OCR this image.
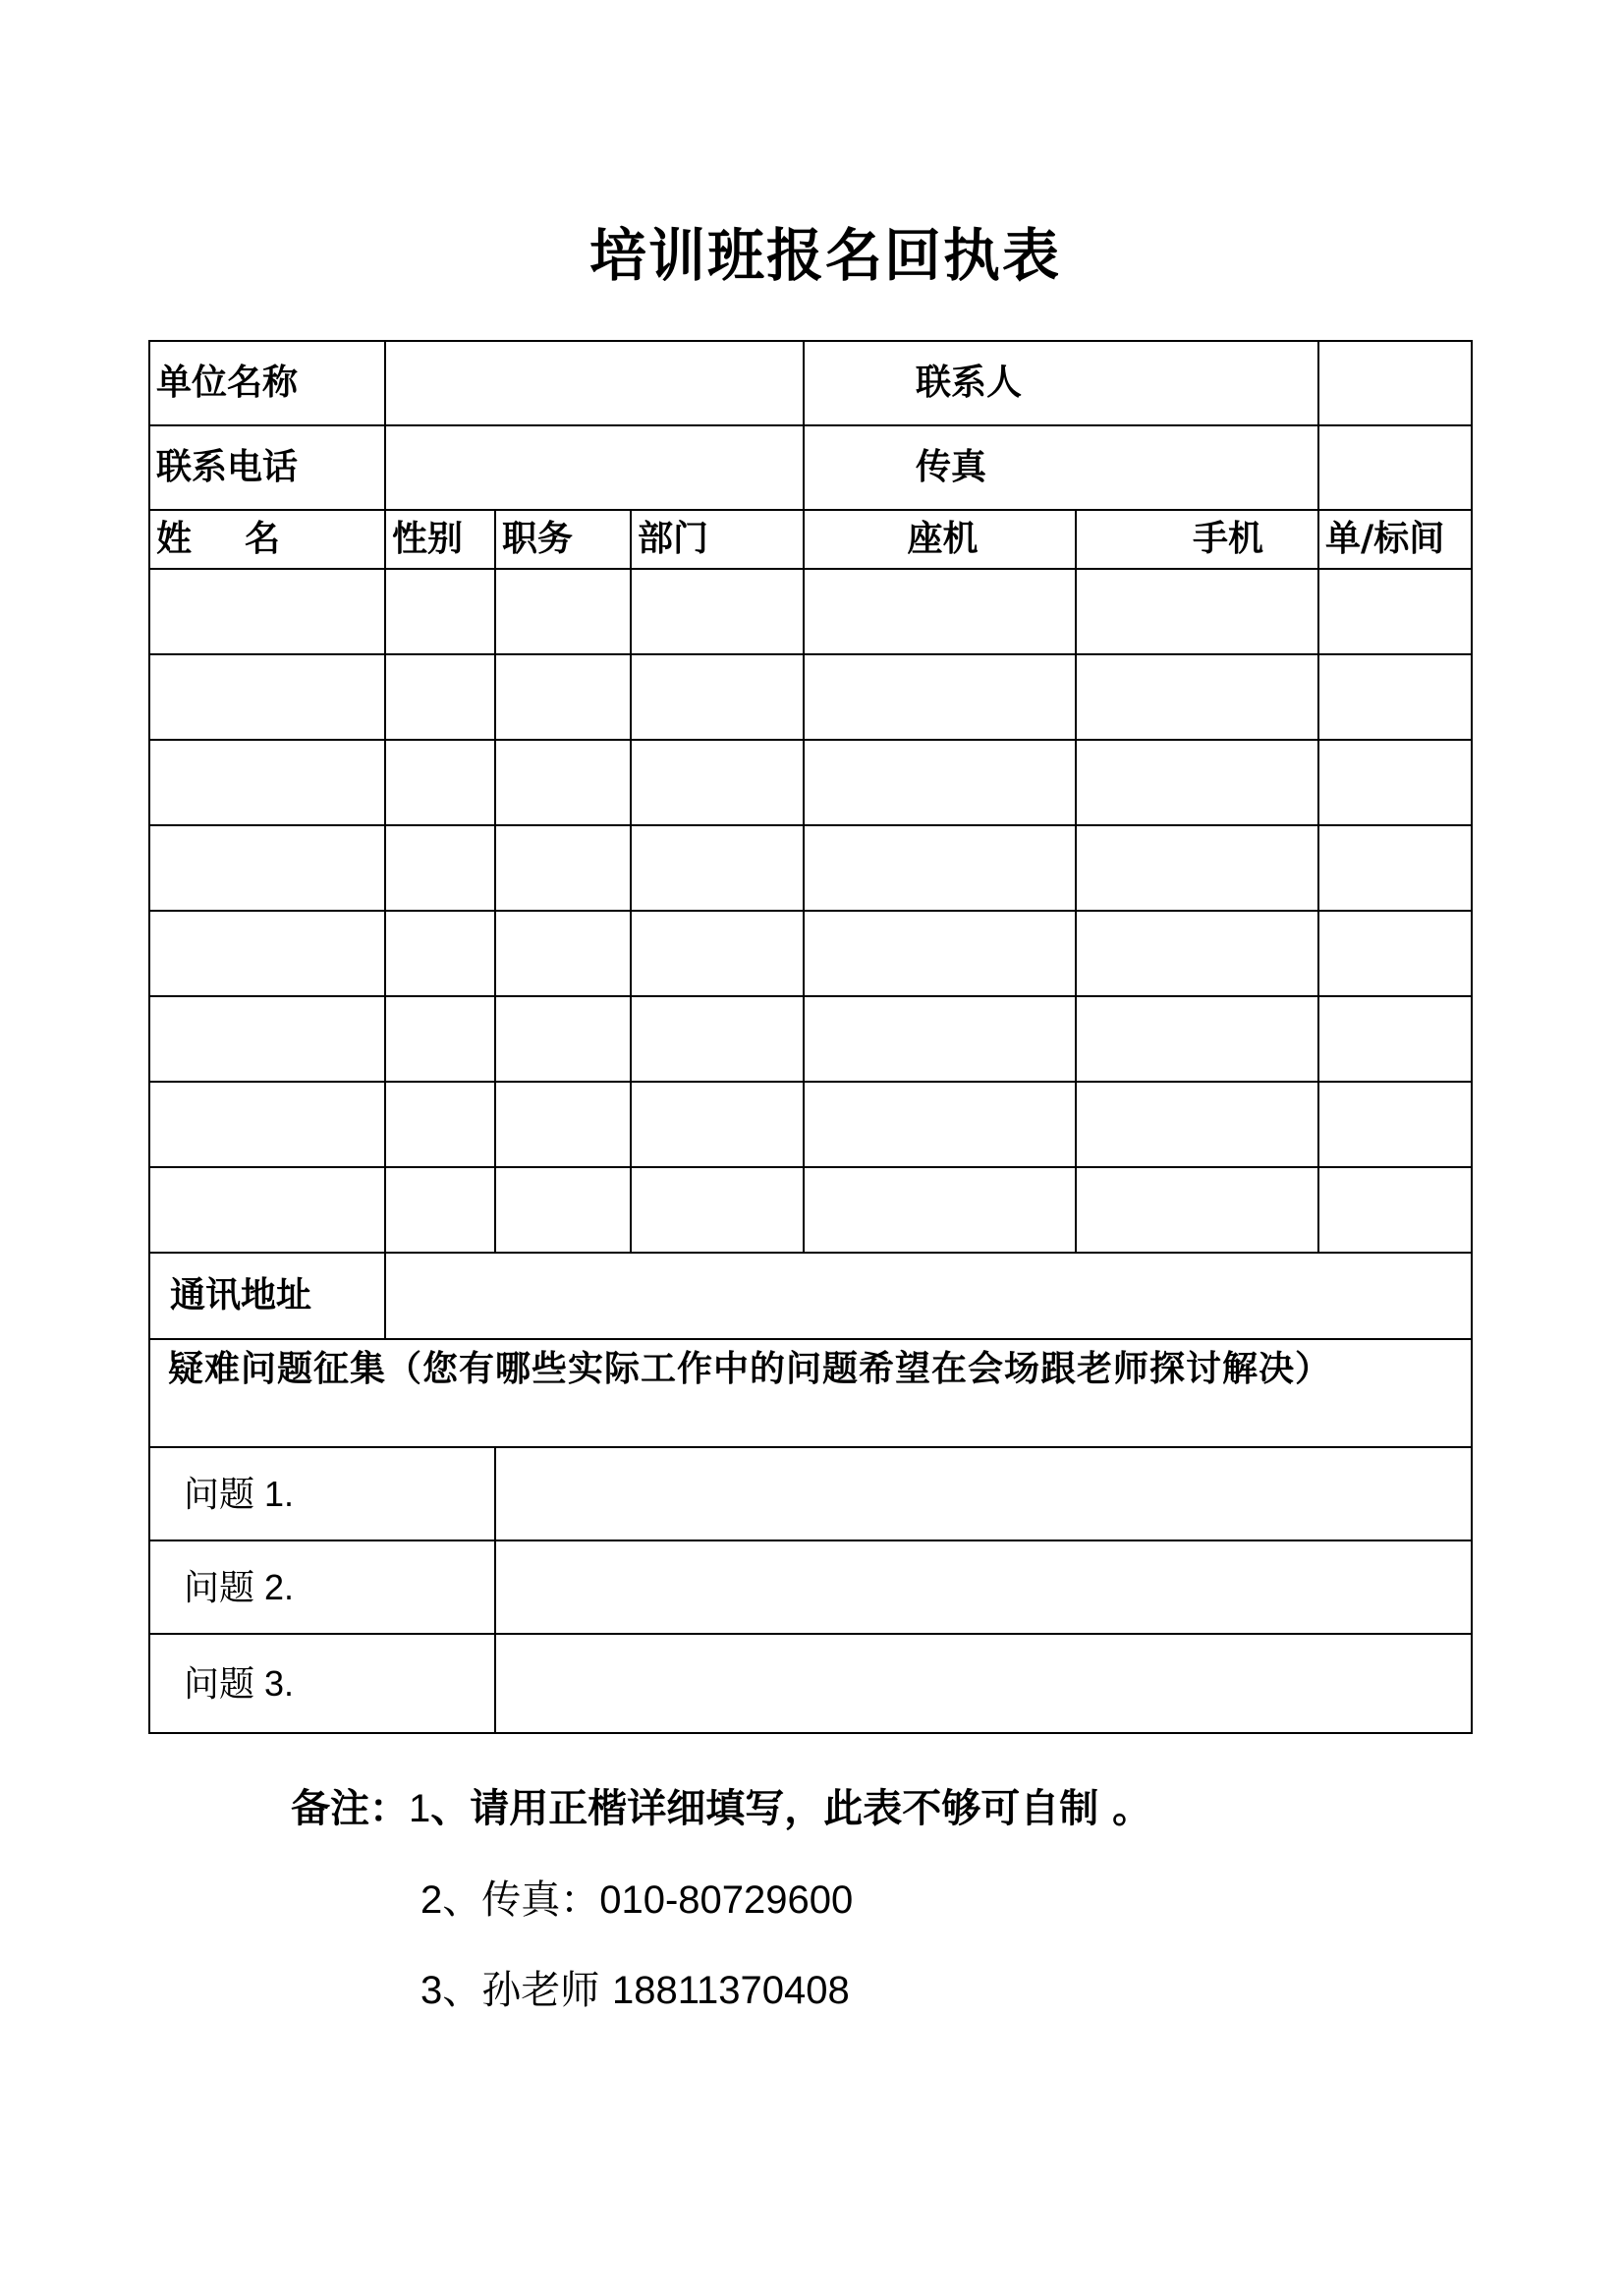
培训班报名回执表
单位名称				联系人		
联系电话				传真		
姓 名	性别	职务	部门	座机	手机	单/标间

通讯地址						
疑难问题征集（您有哪些实际工作中的问题希望在会场跟老师探讨解决）						
问题 1.						
问题 2.						
问题 3.						
备注：1、请用正楷详细填写，此表不够可自制 。
2、传真：010-80729600
3、孙老师 18811370408
